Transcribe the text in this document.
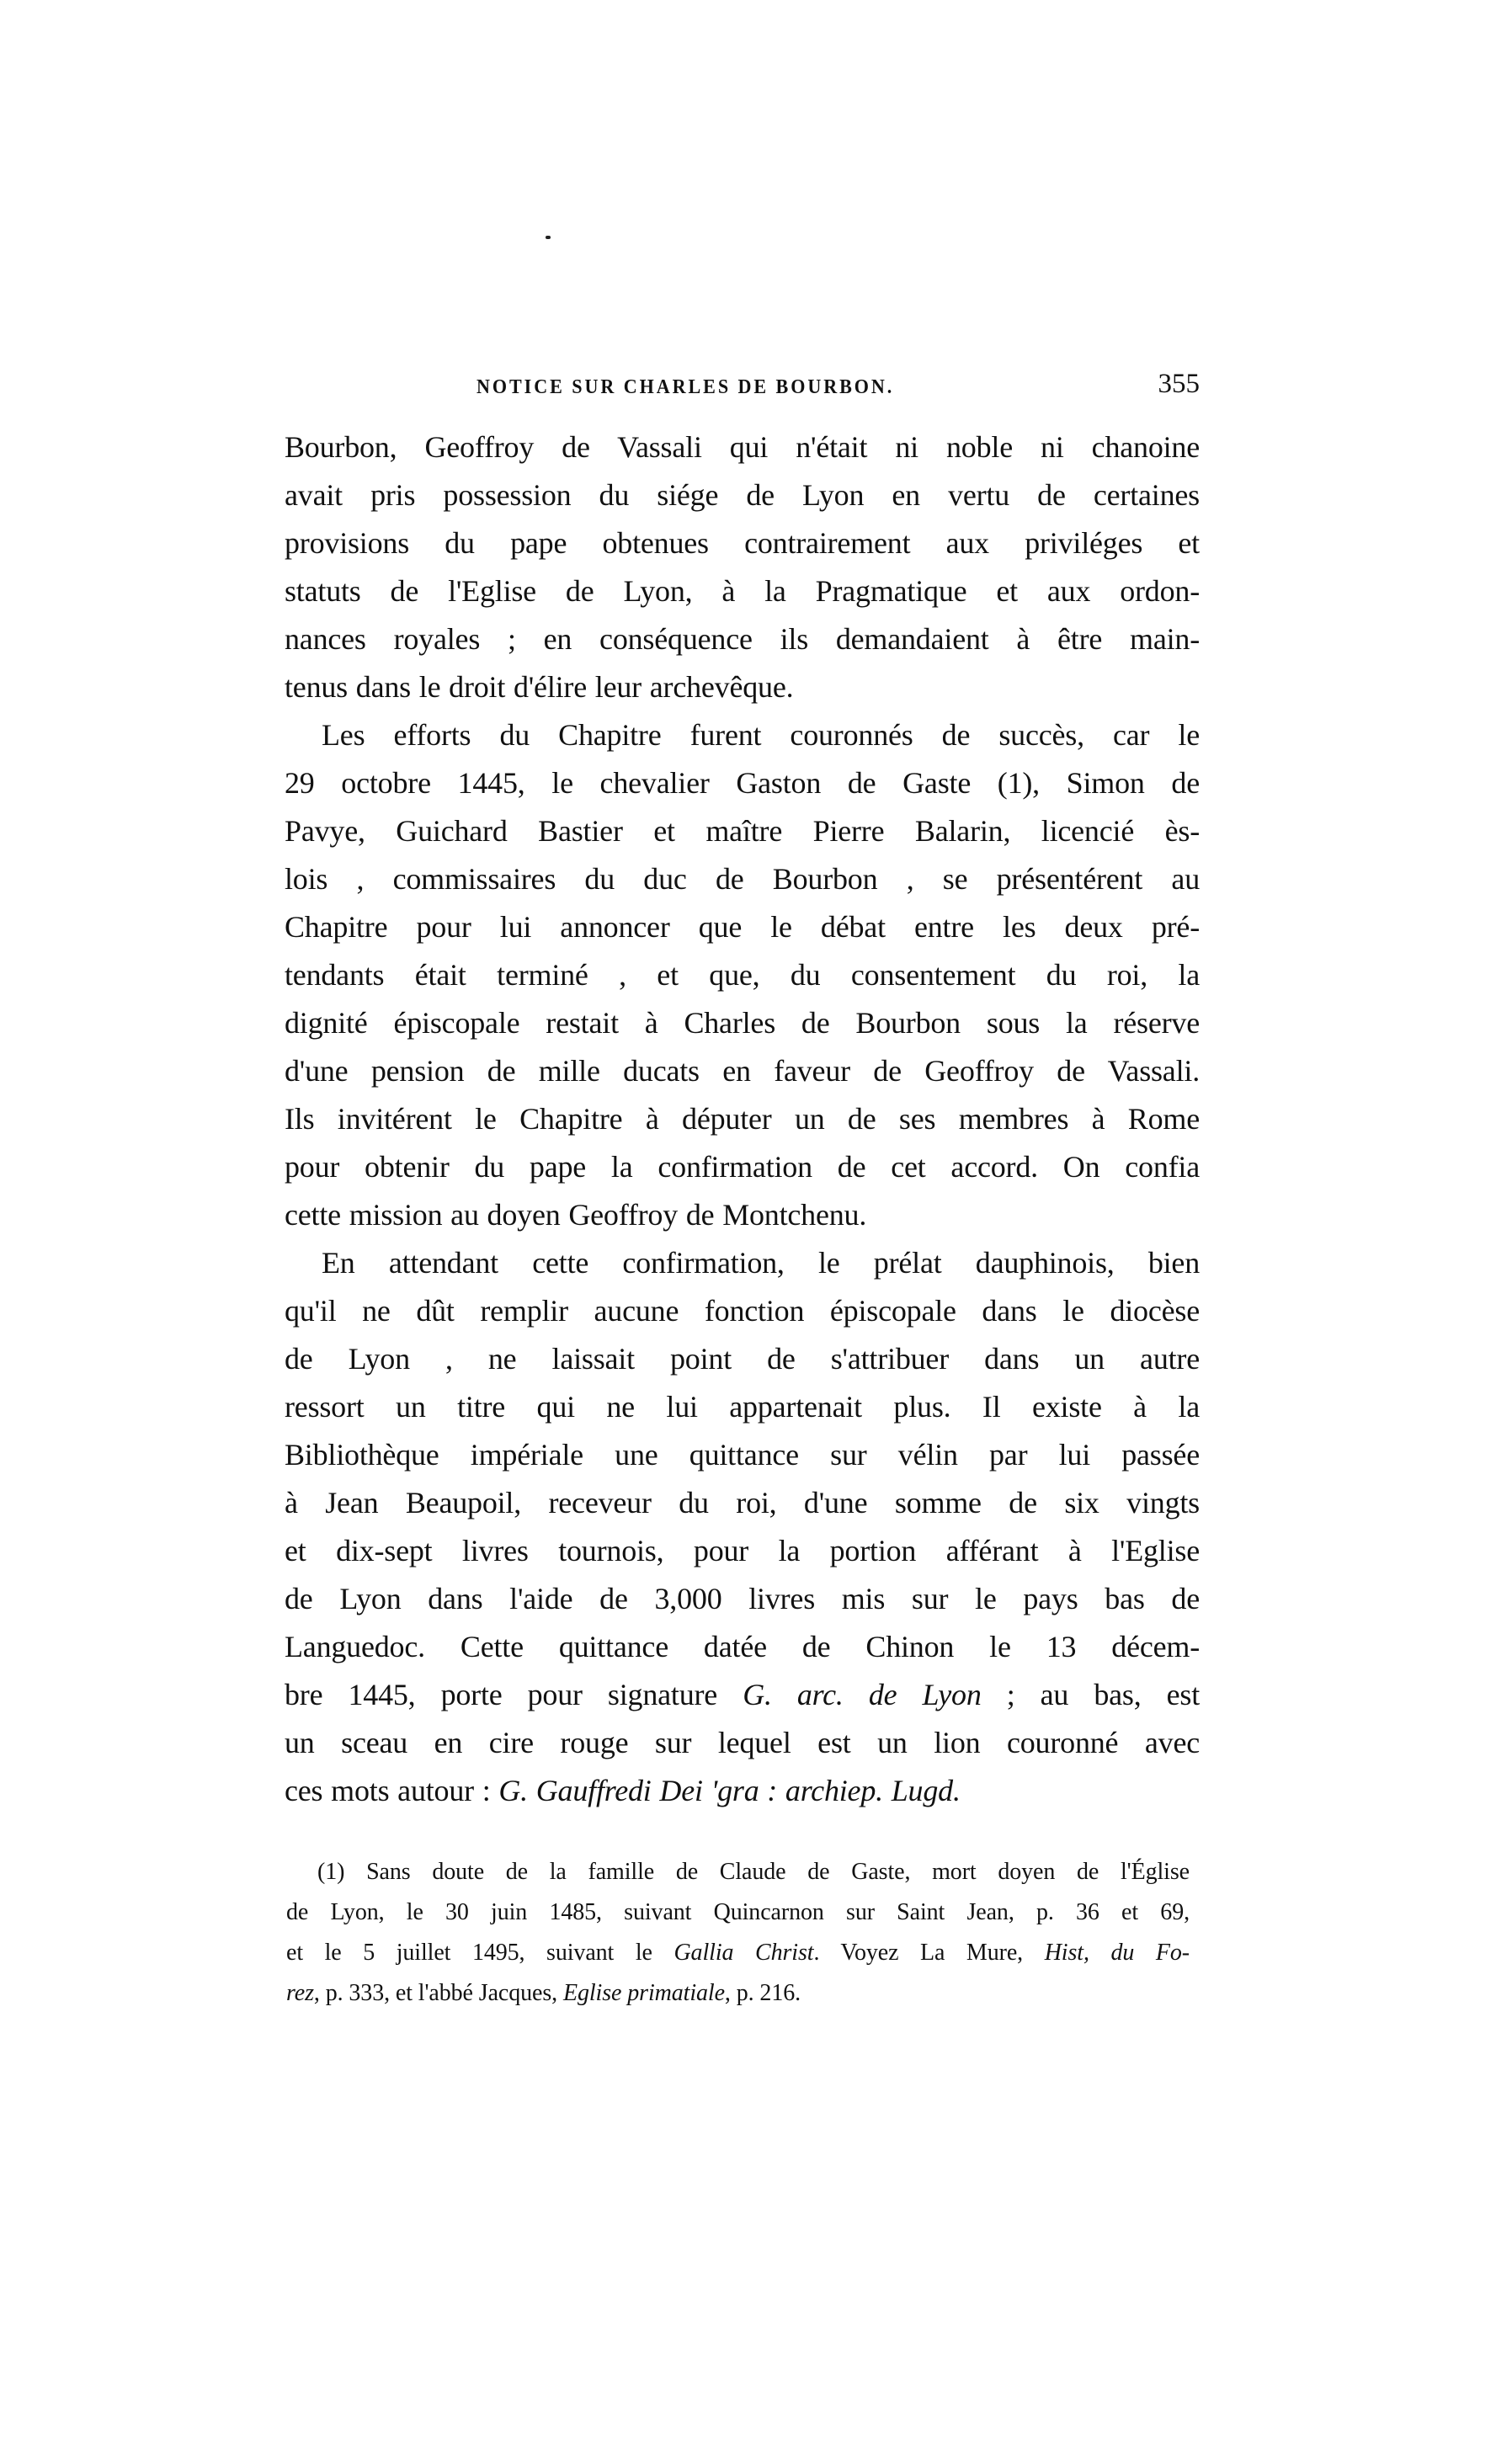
NOTICE SUR CHARLES DE BOURBON.	355
Bourbon, Geoffroy de Vassali qui n'était ni noble ni chanoine
avait pris possession du siége de Lyon en vertu de certaines
provisions du pape obtenues contrairement aux priviléges et
statuts de l'Eglise de Lyon, à la Pragmatique et aux ordon-
nances royales ; en conséquence ils demandaient à être main-
tenus dans le droit d'élire leur archevêque.
Les efforts du Chapitre furent couronnés de succès, car le
29 octobre 1445, le chevalier Gaston de Gaste (1), Simon de
Pavye, Guichard Bastier et maître Pierre Balarin, licencié ès-
lois , commissaires du duc de Bourbon , se présentérent au
Chapitre pour lui annoncer que le débat entre les deux pré-
tendants était terminé , et que, du consentement du roi, la
dignité épiscopale restait à Charles de Bourbon sous la réserve
d'une pension de mille ducats en faveur de Geoffroy de Vassali.
Ils invitérent le Chapitre à députer un de ses membres à Rome
pour obtenir du pape la confirmation de cet accord. On confia
cette mission au doyen Geoffroy de Montchenu.
En attendant cette confirmation, le prélat dauphinois, bien
qu'il ne dût remplir aucune fonction épiscopale dans le diocèse
de Lyon , ne laissait point de s'attribuer dans un autre
ressort un titre qui ne lui appartenait plus. Il existe à la
Bibliothèque impériale une quittance sur vélin par lui passée
à Jean Beaupoil, receveur du roi, d'une somme de six vingts
et dix-sept livres tournois, pour la portion afférant à l'Eglise
de Lyon dans l'aide de 3,000 livres mis sur le pays bas de
Languedoc. Cette quittance datée de Chinon le 13 décem-
bre 1445, porte pour signature G. arc. de Lyon ; au bas, est
un sceau en cire rouge sur lequel est un lion couronné avec
ces mots autour : G. Gauffredi Dei 'gra : archiep. Lugd.
(1) Sans doute de la famille de Claude de Gaste, mort doyen de l'Église
de Lyon, le 30 juin 1485, suivant Quincarnon sur Saint Jean, p. 36 et 69,
et le 5 juillet 1495, suivant le Gallia Christ. Voyez La Mure, Hist, du Fo-
rez, p. 333, et l'abbé Jacques, Eglise primatiale, p. 216.
